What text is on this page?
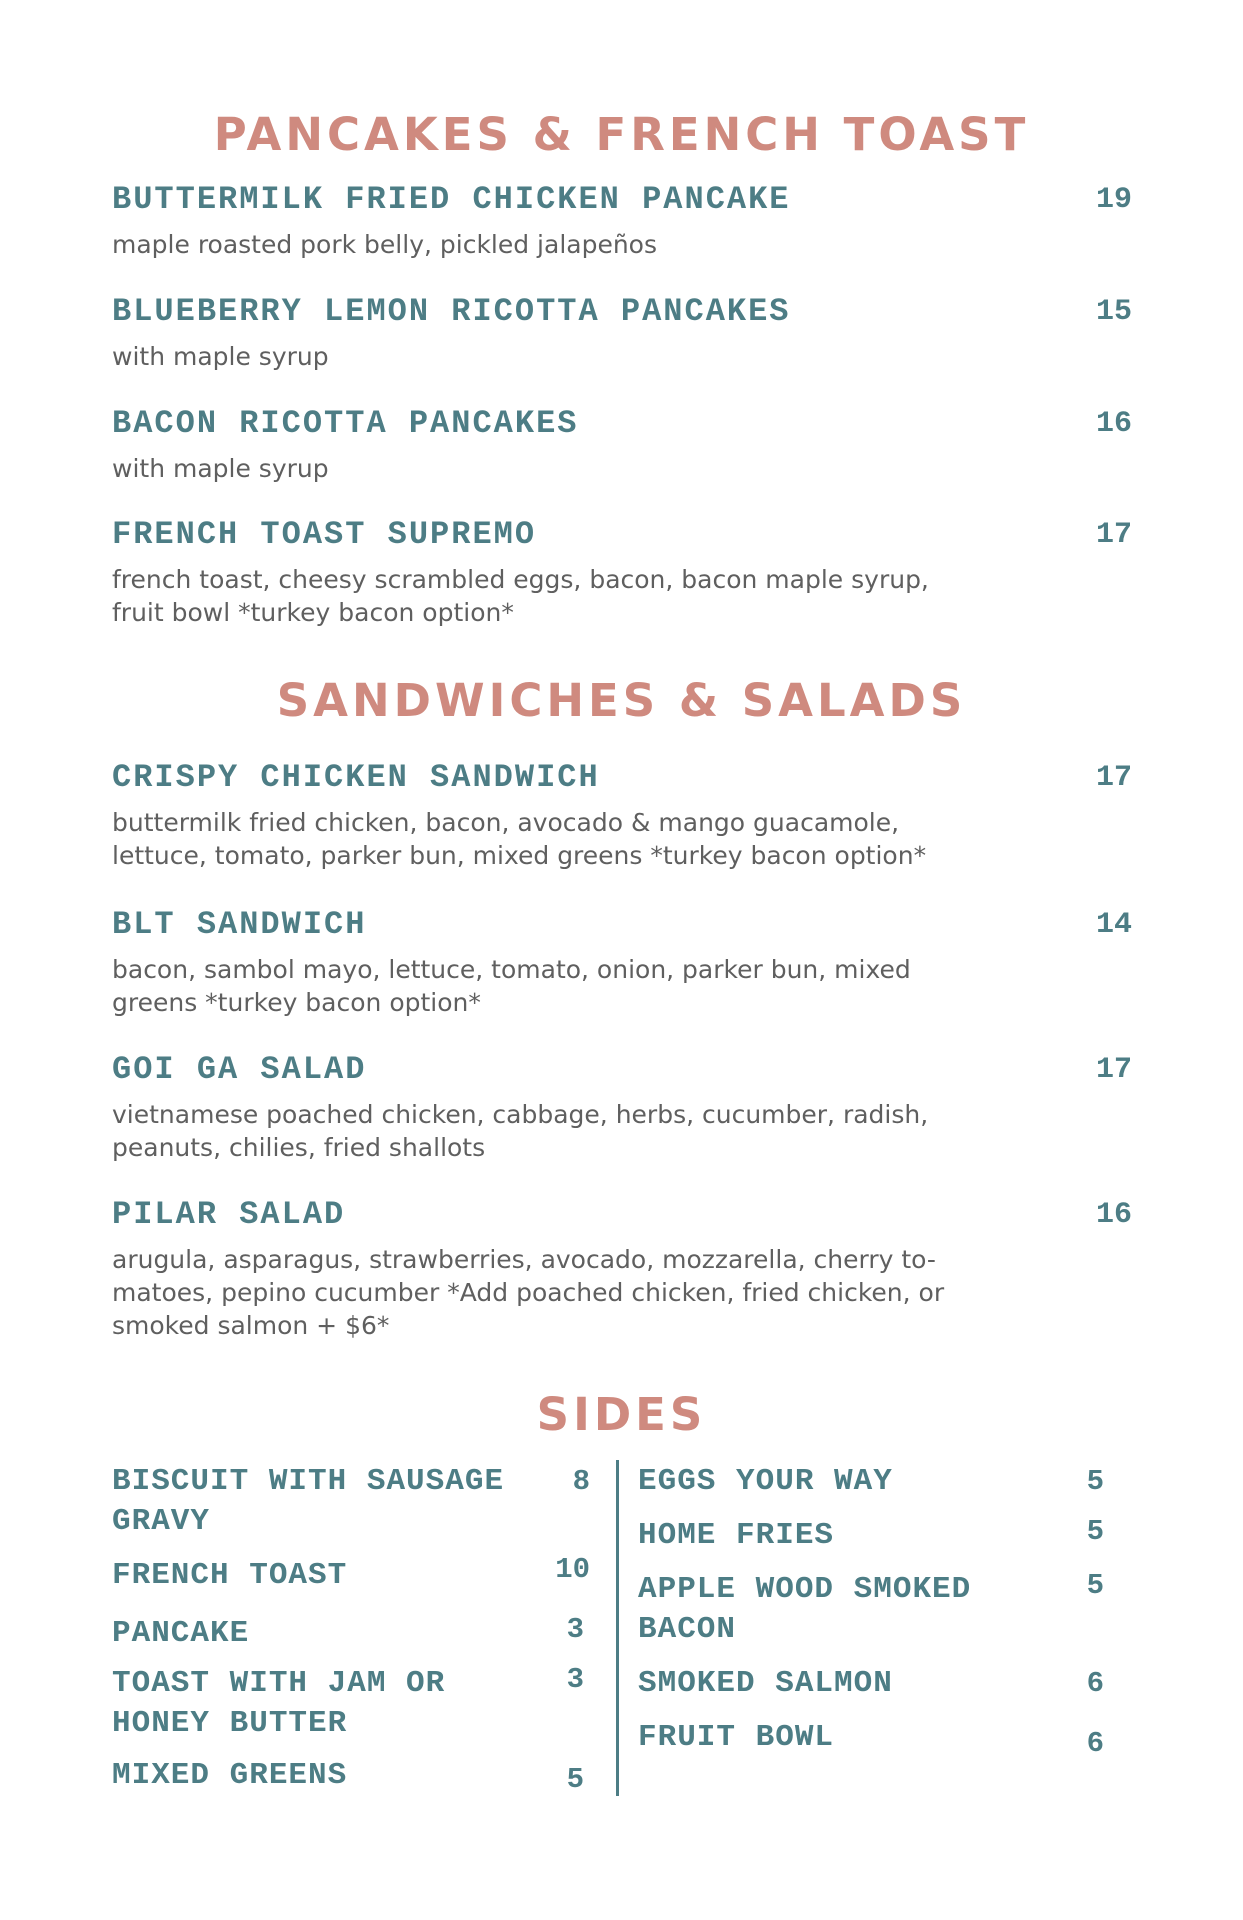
PANCAKES & FRENCH TOAST
BUTTERMILK FRIED CHICKEN PANCAKE	19
maple roasted pork belly, pickled jalapeños
BLUEBERRY LEMON RICOTTA PANCAKES	15
with maple syrup
BACON RICOTTA PANCAKES	16
with maple syrup
FRENCH TOAST SUPREMO	17
french toast, cheesy scrambled eggs, bacon, bacon maple syrup, fruit bowl *turkey bacon option*
SANDWICHES & SALADS
CRISPY CHICKEN SANDWICH	17
buttermilk fried chicken, bacon, avocado & mango guacamole, lettuce, tomato, parker bun, mixed greens *turkey bacon option*
BLT SANDWICH	14
bacon, sambol mayo, lettuce, tomato, onion, parker bun, mixed greens *turkey bacon option*
GOI GA SALAD	17
vietnamese poached chicken, cabbage, herbs, cucumber, radish, peanuts, chilies, fried shallots
PILAR SALAD	16
arugula, asparagus, strawberries, avocado, mozzarella, cherry to-matoes, pepino cucumber *Add poached chicken, fried chicken, or smoked salmon + $6*
SIDES
BISCUIT WITH SAUSAGE GRAVY
8
FRENCH TOAST	10
PANCAKE	3
TOAST WITH JAM OR HONEY BUTTER
3
MIXED GREENS	5
EGGS YOUR WAY	5
HOME FRIES	5
APPLE WOOD SMOKED BACON
5
SMOKED SALMON	6
FRUIT BOWL	6
